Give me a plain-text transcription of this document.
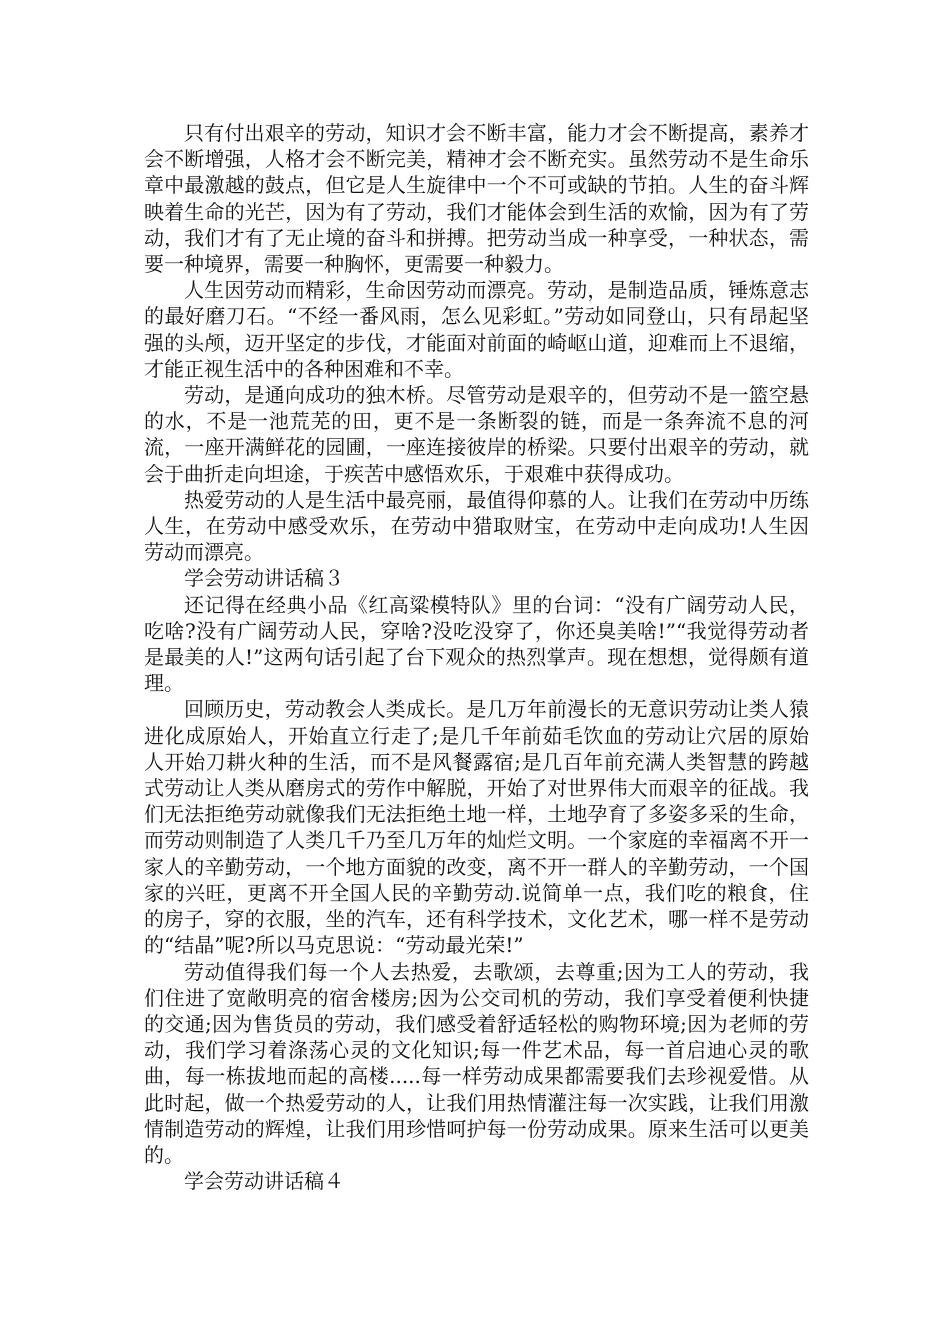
只有付出艰辛的劳动，知识才会不断丰富，能力才会不断提高，素养才会不断增强，人格才会不断完美，精神才会不断充实。虽然劳动不是生命乐章中最激越的鼓点，但它是人生旋律中一个不可或缺的节拍。人生的奋斗辉映着生命的光芒，因为有了劳动，我们才能体会到生活的欢愉，因为有了劳动，我们才有了无止境的奋斗和拼搏。把劳动当成一种享受，一种状态，需要一种境界，需要一种胸怀，更需要一种毅力。

人生因劳动而精彩，生命因劳动而漂亮。劳动，是制造品质，锤炼意志的最好磨刀石。“不经一番风雨，怎么见彩虹。”劳动如同登山，只有昂起坚强的头颅，迈开坚定的步伐，才能面对前面的崎岖山道，迎难而上不退缩，才能正视生活中的各种困难和不幸。

劳动，是通向成功的独木桥。尽管劳动是艰辛的，但劳动不是一篮空悬的水，不是一池荒芜的田，更不是一条断裂的链，而是一条奔流不息的河流，一座开满鲜花的园圃，一座连接彼岸的桥梁。只要付出艰辛的劳动，就会于曲折走向坦途，于疾苦中感悟欢乐，于艰难中获得成功。

热爱劳动的人是生活中最亮丽，最值得仰慕的人。让我们在劳动中历练人生，在劳动中感受欢乐，在劳动中猎取财宝，在劳动中走向成功!人生因劳动而漂亮。

学会劳动讲话稿３

还记得在经典小品《红高粱模特队》里的台词：“没有广阔劳动人民，吃啥?没有广阔劳动人民，穿啥?没吃没穿了，你还臭美啥!”“我觉得劳动者是最美的人!”这两句话引起了台下观众的热烈掌声。现在想想，觉得颇有道理。

回顾历史，劳动教会人类成长。是几万年前漫长的无意识劳动让类人猿进化成原始人，开始直立行走了;是几千年前茹毛饮血的劳动让穴居的原始人开始刀耕火种的生活，而不是风餐露宿;是几百年前充满人类智慧的跨越式劳动让人类从磨房式的劳作中解脱，开始了对世界伟大而艰辛的征战。我们无法拒绝劳动就像我们无法拒绝土地一样，土地孕育了多姿多采的生命，而劳动则制造了人类几千乃至几万年的灿烂文明。一个家庭的幸福离不开一家人的辛勤劳动，一个地方面貌的改变，离不开一群人的辛勤劳动，一个国家的兴旺，更离不开全国人民的辛勤劳动.说简单一点，我们吃的粮食，住的房子，穿的衣服，坐的汽车，还有科学技术，文化艺术，哪一样不是劳动的“结晶”呢?所以马克思说：“劳动最光荣!”

劳动值得我们每一个人去热爱，去歌颂，去尊重;因为工人的劳动，我们住进了宽敞明亮的宿舍楼房;因为公交司机的劳动，我们享受着便利快捷的交通;因为售货员的劳动，我们感受着舒适轻松的购物环境;因为老师的劳动，我们学习着涤荡心灵的文化知识;每一件艺术品，每一首启迪心灵的歌曲，每一栋拔地而起的高楼.....每一样劳动成果都需要我们去珍视爱惜。从此时起，做一个热爱劳动的人，让我们用热情灌注每一次实践，让我们用激情制造劳动的辉煌，让我们用珍惜呵护每一份劳动成果。原来生活可以更美的。

学会劳动讲话稿４
